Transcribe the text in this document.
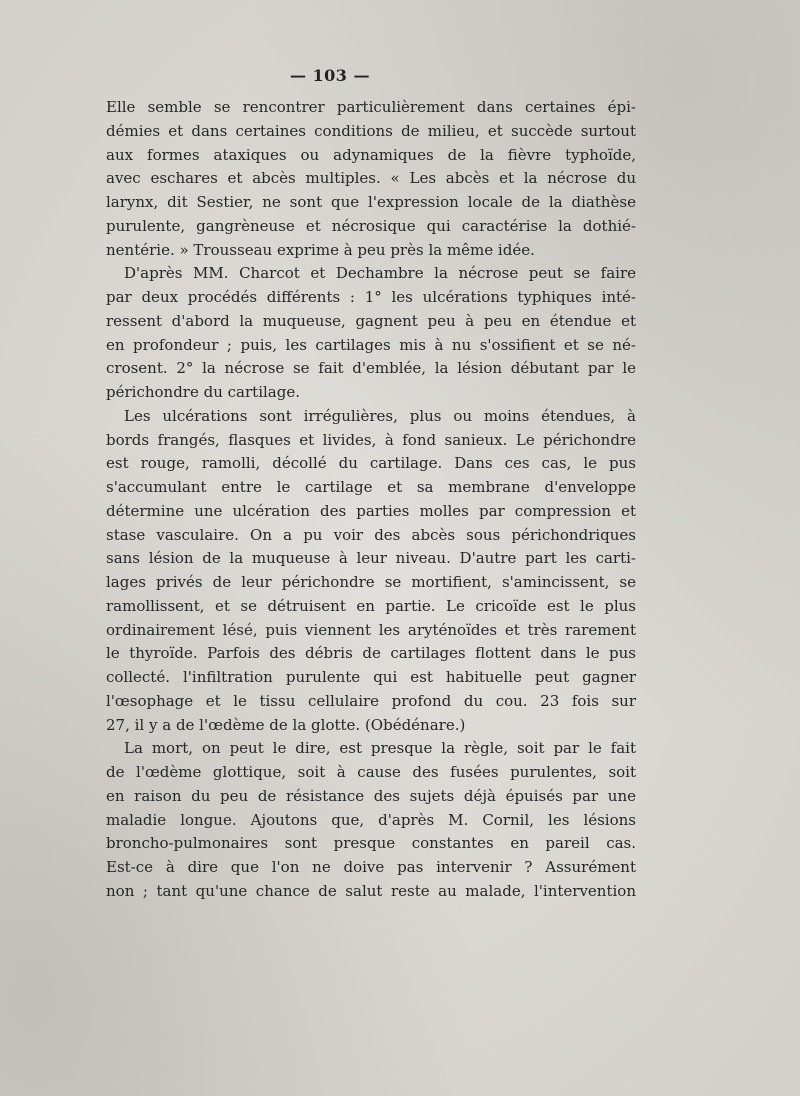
— 103 —
Elle semble se rencontrer particulièrement dans certaines épi-
démies et dans certaines conditions de milieu, et succède surtout
aux formes ataxiques ou adynamiques de la fièvre typhoïde,
avec eschares et abcès multiples. « Les abcès et la nécrose du
larynx, dit Sestier, ne sont que l'expression locale de la diathèse
purulente, gangrèneuse et nécrosique qui caractérise la dothié-
nentérie. » Trousseau exprime à peu près la même idée.
D'après MM. Charcot et Dechambre la nécrose peut se faire
par deux procédés différents : 1° les ulcérations typhiques inté-
ressent d'abord la muqueuse, gagnent peu à peu en étendue et
en profondeur ; puis, les cartilages mis à nu s'ossifient et se né-
crosent. 2° la nécrose se fait d'emblée, la lésion débutant par le
périchondre du cartilage.
Les ulcérations sont irrégulières, plus ou moins étendues, à
bords frangés, flasques et livides, à fond sanieux. Le périchondre
est rouge, ramolli, décollé du cartilage. Dans ces cas, le pus
s'accumulant entre le cartilage et sa membrane d'enveloppe
détermine une ulcération des parties molles par compression et
stase vasculaire. On a pu voir des abcès sous périchondriques
sans lésion de la muqueuse à leur niveau. D'autre part les carti-
lages privés de leur périchondre se mortifient, s'amincissent, se
ramollissent, et se détruisent en partie. Le cricoïde est le plus
ordinairement lésé, puis viennent les aryténoïdes et très rarement
le thyroïde. Parfois des débris de cartilages flottent dans le pus
collecté. l'infiltration purulente qui est habituelle peut gagner
l'œsophage et le tissu cellulaire profond du cou. 23 fois sur
27, il y a de l'œdème de la glotte. (Obédénare.)
La mort, on peut le dire, est presque la règle, soit par le fait
de l'œdème glottique, soit à cause des fusées purulentes, soit
en raison du peu de résistance des sujets déjà épuisés par une
maladie longue. Ajoutons que, d'après M. Cornil, les lésions
broncho-pulmonaires sont presque constantes en pareil cas.
Est-ce à dire que l'on ne doive pas intervenir ? Assurément
non ; tant qu'une chance de salut reste au malade, l'intervention
